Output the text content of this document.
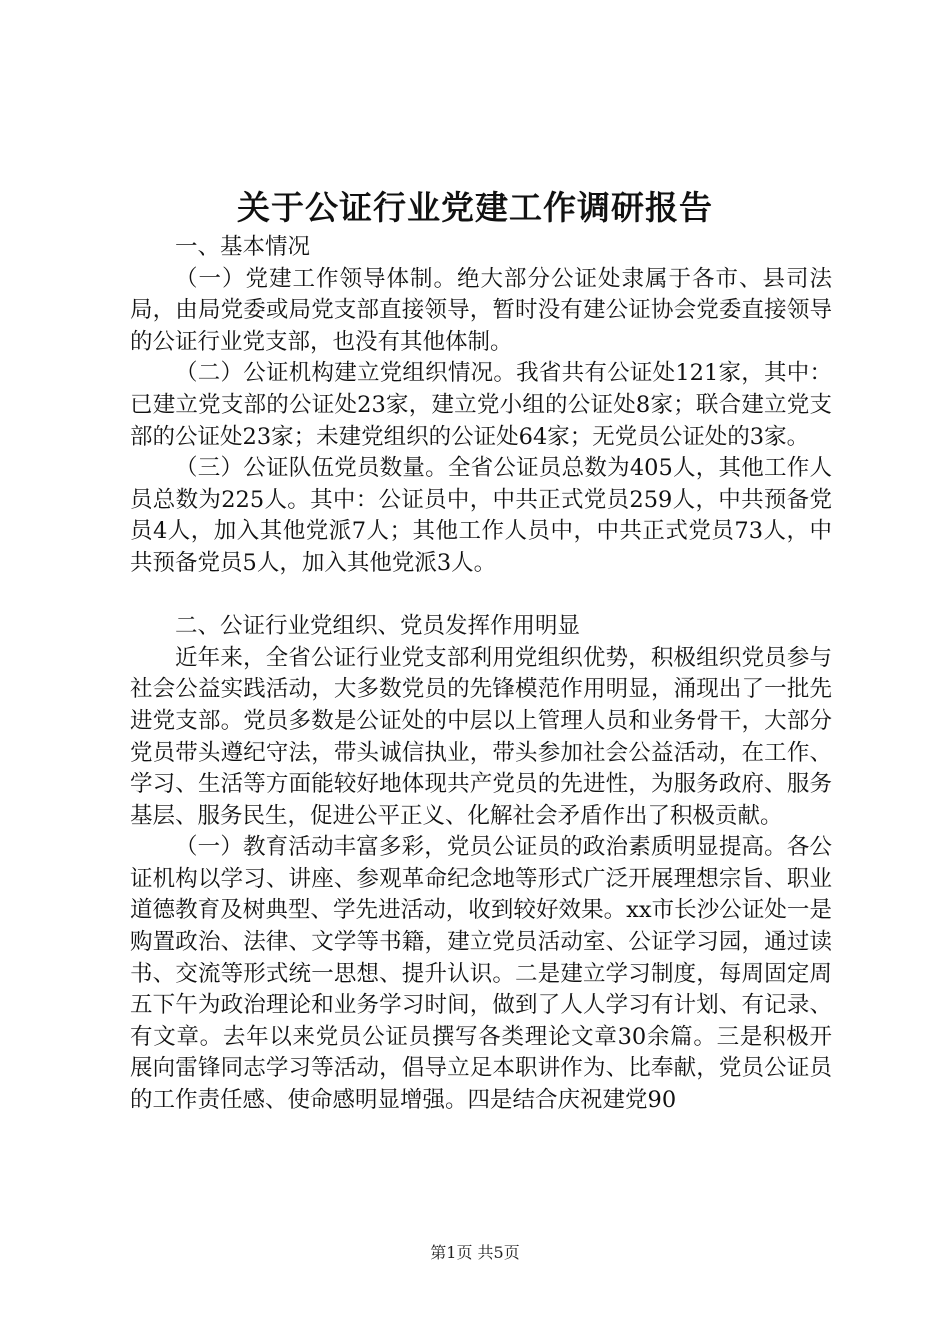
关于公证行业党建工作调研报告

一、基本情况

（一）党建工作领导体制。绝大部分公证处隶属于各市、县司法局，由局党委或局党支部直接领导，暂时没有建公证协会党委直接领导的公证行业党支部，也没有其他体制。

（二）公证机构建立党组织情况。我省共有公证处121家，其中：已建立党支部的公证处23家，建立党小组的公证处8家；联合建立党支部的公证处23家；未建党组织的公证处64家；无党员公证处的3家。

（三）公证队伍党员数量。全省公证员总数为405人，其他工作人员总数为225人。其中：公证员中，中共正式党员259人，中共预备党员4人，加入其他党派7人；其他工作人员中，中共正式党员73人，中共预备党员5人，加入其他党派3人。

二、公证行业党组织、党员发挥作用明显

近年来，全省公证行业党支部利用党组织优势，积极组织党员参与社会公益实践活动，大多数党员的先锋模范作用明显，涌现出了一批先进党支部。党员多数是公证处的中层以上管理人员和业务骨干，大部分党员带头遵纪守法，带头诚信执业，带头参加社会公益活动，在工作、学习、生活等方面能较好地体现共产党员的先进性，为服务政府、服务基层、服务民生，促进公平正义、化解社会矛盾作出了积极贡献。

（一）教育活动丰富多彩，党员公证员的政治素质明显提高。各公证机构以学习、讲座、参观革命纪念地等形式广泛开展理想宗旨、职业道德教育及树典型、学先进活动，收到较好效果。xx市长沙公证处一是购置政治、法律、文学等书籍，建立党员活动室、公证学习园，通过读书、交流等形式统一思想、提升认识。二是建立学习制度，每周固定周五下午为政治理论和业务学习时间，做到了人人学习有计划、有记录、有文章。去年以来党员公证员撰写各类理论文章30余篇。三是积极开展向雷锋同志学习等活动，倡导立足本职讲作为、比奉献，党员公证员的工作责任感、使命感明显增强。四是结合庆祝建党90

第1页 共5页
